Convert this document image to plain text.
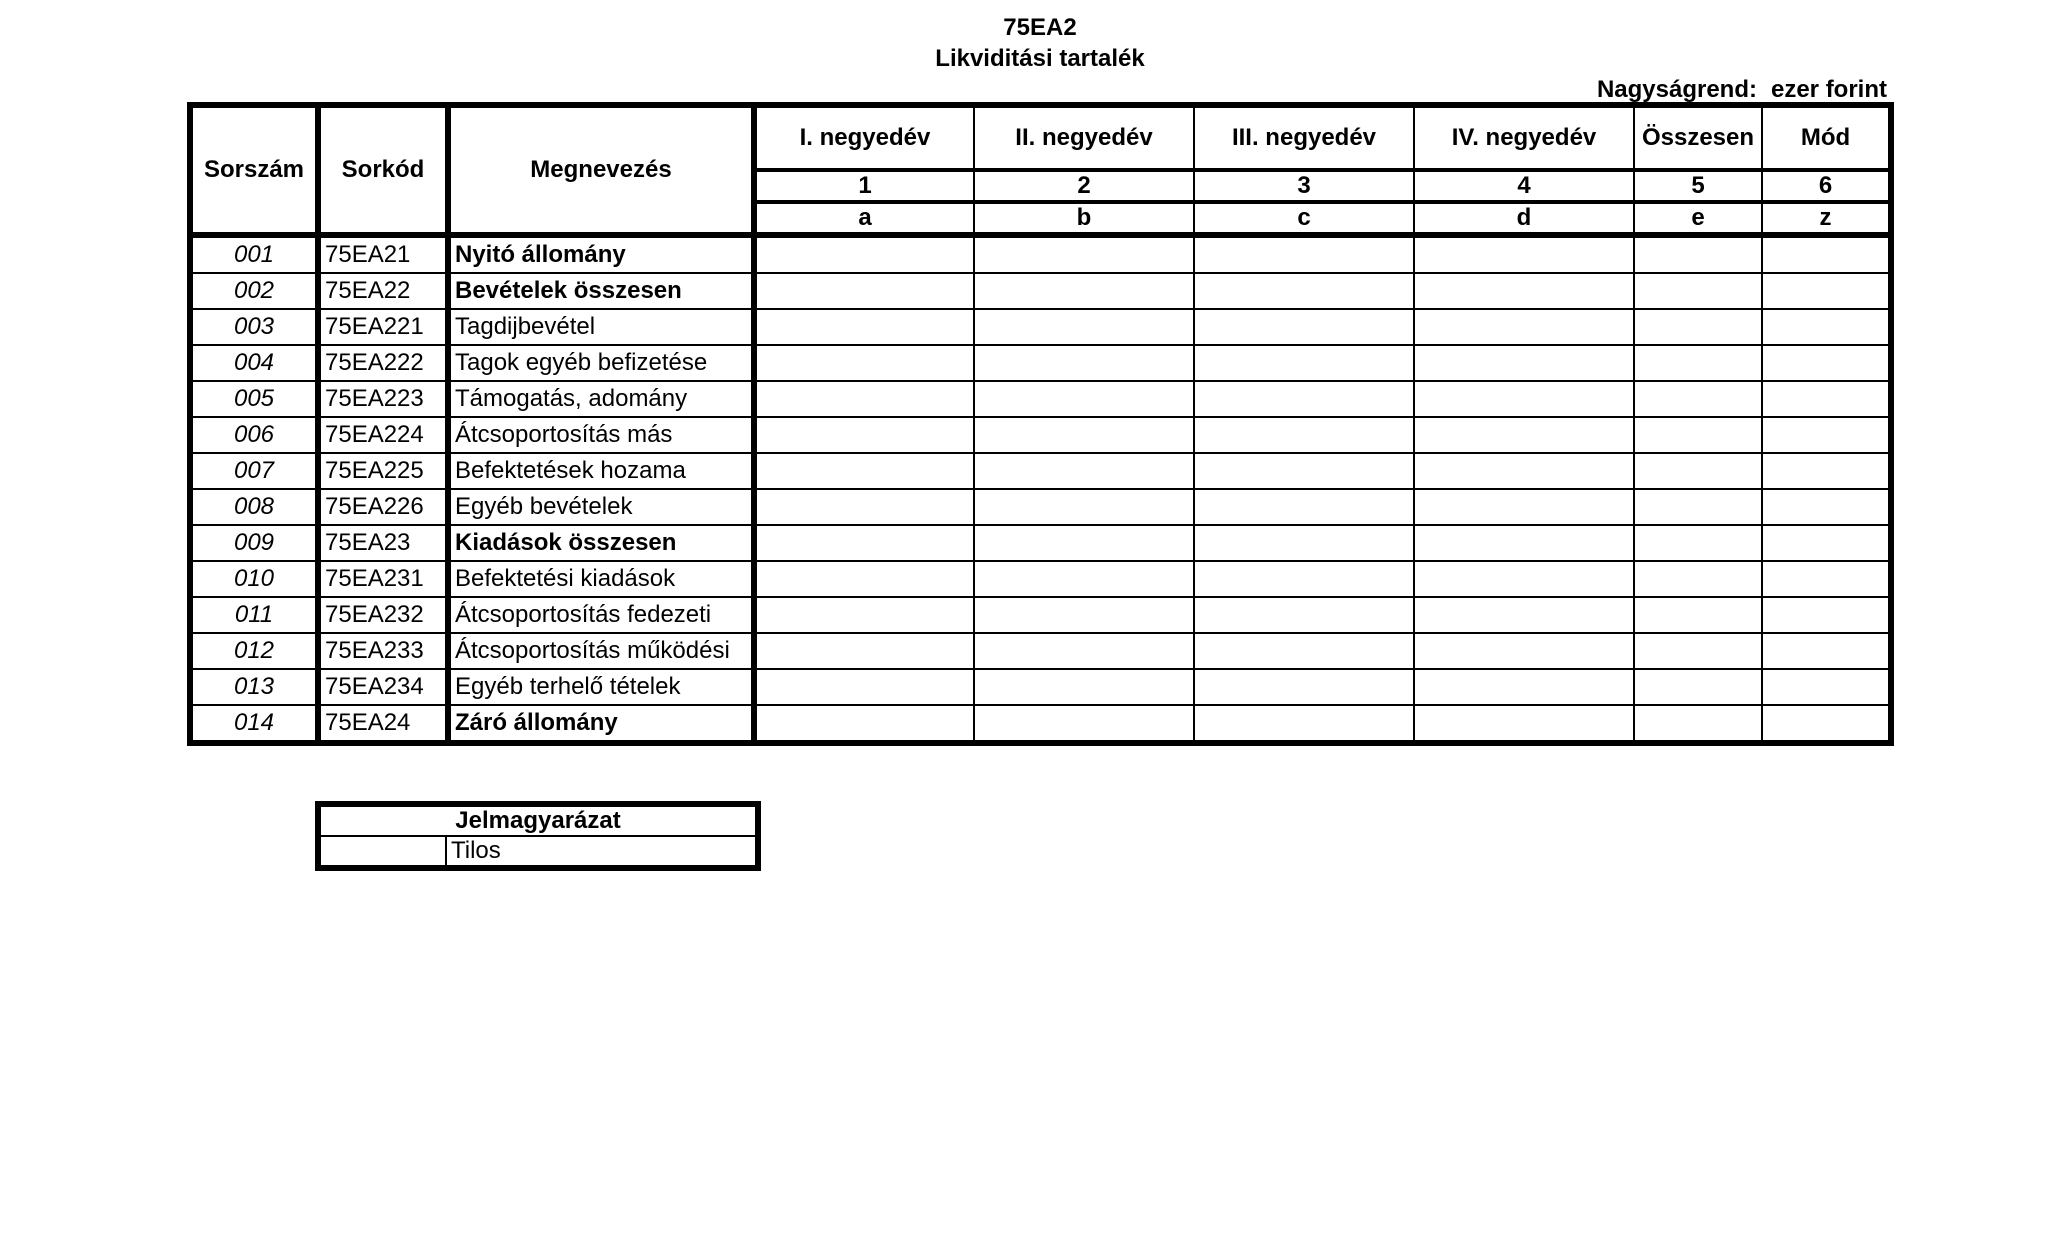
75EA2
Likviditási tartalék
Nagyságrend: ezer forint
Sorszám	Sorkód	Megnevezés	I. negyedév	II. negyedév	III. negyedév	IV. negyedév	Összesen	Mód
			1	2	3	4	5	6
			a	b	c	d	e	z
001	75EA21	Nyitó állomány						
002	75EA22	Bevételek összesen						
003	75EA221	Tagdijbevétel						
004	75EA222	Tagok egyéb befizetése						
005	75EA223	Támogatás, adomány						
006	75EA224	Átcsoportosítás más						
007	75EA225	Befektetések hozama						
008	75EA226	Egyéb bevételek						
009	75EA23	Kiadások összesen						
010	75EA231	Befektetési kiadások						
011	75EA232	Átcsoportosítás fedezeti						
012	75EA233	Átcsoportosítás működési						
013	75EA234	Egyéb terhelő tételek						
014	75EA24	Záró állomány						
Jelmagyarázat
	Tilos
